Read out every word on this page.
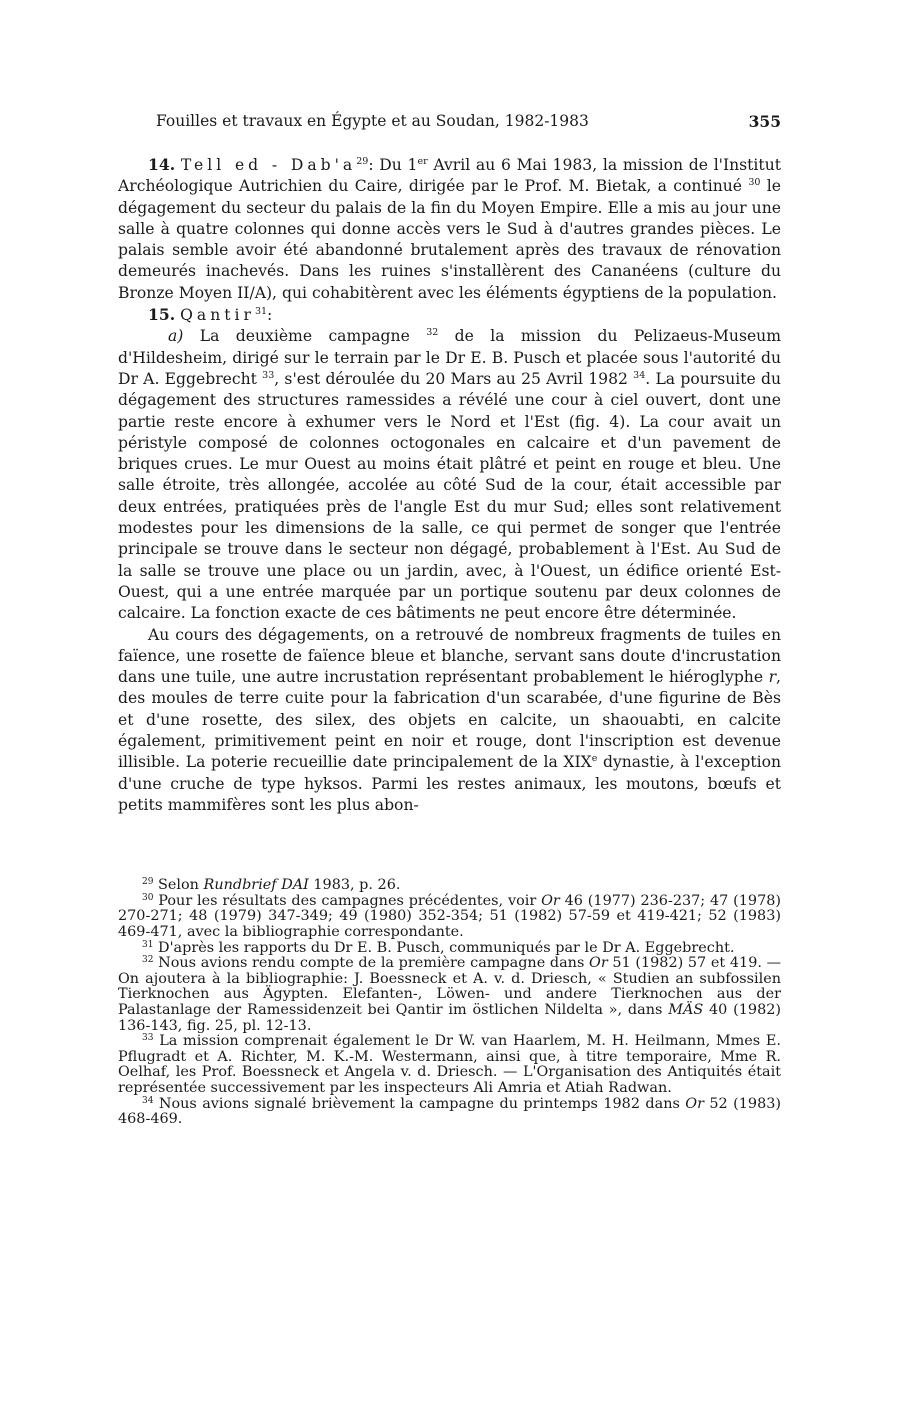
Fouilles et travaux en Égypte et au Soudan, 1982-1983	355

14. Tell ed - $Dab'a^{29}$: Du 1er Avril au 6 Mai 1983, la mission de l'Institut Archéologique Autrichien du Caire, dirigée par le Prof. M. Bietak, a continué $^{30}$ le dégagement du secteur du palais de la fin du Moyen Empire. Elle a mis au jour une salle à quatre colonnes qui donne accès vers le Sud à d'autres grandes pièces. Le palais semble avoir été abandonné brutalement après des travaux de rénovation demeurés inachevés. Dans les ruines s'installèrent des Cananéens (culture du Bronze Moyen II/A), qui cohabitèrent avec les éléments égyptiens de la population.

15. Qantir$^{31}$:

a) La deuxième campagne $^{32}$ de la mission du Pelizaeus-Museum d'Hildesheim, dirigé sur le terrain par le Dr E. B. Pusch et placée sous l'autorité du Dr A. Eggebrecht $^{33}$, s'est déroulée du 20 Mars au 25 Avril 1982 $^{34}$. La poursuite du dégagement des structures ramessides a révélé une cour à ciel ouvert, dont une partie reste encore à exhumer vers le Nord et l'Est (fig. 4). La cour avait un péristyle composé de colonnes octogonales en calcaire et d'un pavement de briques crues. Le mur Ouest au moins était plâtré et peint en rouge et bleu. Une salle étroite, très allongée, accolée au côté Sud de la cour, était accessible par deux entrées, pratiquées près de l'angle Est du mur Sud; elles sont relativement modestes pour les dimensions de la salle, ce qui permet de songer que l'entrée principale se trouve dans le secteur non dégagé, probablement à l'Est. Au Sud de la salle se trouve une place ou un jardin, avec, à l'Ouest, un édifice orienté Est-Ouest, qui a une entrée marquée par un portique soutenu par deux colonnes de calcaire. La fonction exacte de ces bâtiments ne peut encore être déterminée.

Au cours des dégagements, on a retrouvé de nombreux fragments de tuiles en faïence, une rosette de faïence bleue et blanche, servant sans doute d'incrustation dans une tuile, une autre incrustation représentant probablement le hiéroglyphe r, des moules de terre cuite pour la fabrication d'un scarabée, d'une figurine de Bès et d'une rosette, des silex, des objets en calcite, un shaouabti, en calcite également, primitivement peint en noir et rouge, dont l'inscription est devenue illisible. La poterie recueillie date principalement de la XIXe dynastie, à l'exception d'une cruche de type hyksos. Parmi les restes animaux, les moutons, bœufs et petits mammifères sont les plus abon-

$^{29}$ Selon Rundbrief DAI 1983, p. 26.

$^{30}$ Pour les résultats des campagnes précédentes, voir Or 46 (1977) 236-237; 47 (1978) 270-271; 48 (1979) 347-349; 49 (1980) 352-354; 51 (1982) 57-59 et 419-421; 52 (1983) 469-471, avec la bibliographie correspondante.

$^{31}$ D'après les rapports du Dr E. B. Pusch, communiqués par le Dr A. Eggebrecht.

$^{32}$ Nous avions rendu compte de la première campagne dans Or 51 (1982) 57 et 419. — On ajoutera à la bibliographie: J. Boessneck et A. v. d. Driesch, « Studien an subfossilen Tierknochen aus Ägypten. Elefanten-, Löwen- und andere Tierknochen aus der Palastanlage der Ramessidenzeit bei Qantir im östlichen Nildelta », dans MÄS 40 (1982) 136-143, fig. 25, pl. 12-13.

$^{33}$ La mission comprenait également le Dr W. van Haarlem, M. H. Heilmann, Mmes E. Pflugradt et A. Richter, M. K.-M. Westermann, ainsi que, à titre temporaire, Mme R. Oelhaf, les Prof. Boessneck et Angela v. d. Driesch. — L'Organisation des Antiquités était représentée successivement par les inspecteurs Ali Amria et Atiah Radwan.

$^{34}$ Nous avions signalé brièvement la campagne du printemps 1982 dans Or 52 (1983) 468-469.
